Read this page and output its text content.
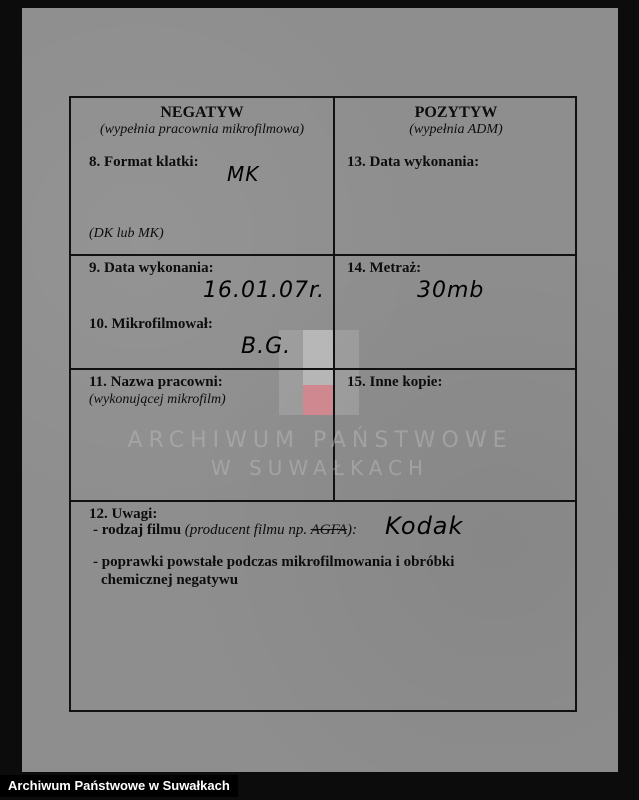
NEGATYW
(wypełnia pracownia mikrofilmowa)
POZYTYW
(wypełnia ADM)
8. Format klatki: MK
(DK lub MK)
13. Data wykonania:
9. Data wykonania:
16.01.07r.
14. Metraż:
30mb
10. Mikrofilmował:
B.G.
11. Nazwa pracowni:
(wykonującej mikrofilm)
15. Inne kopie:
12. Uwagi:
- rodzaj filmu (producent filmu np. AGFA): Kodak
- poprawki powstałe podczas mikrofilmowania i obróbki
chemicznej negatywu
ARCHIWUM PAŃSTWOWE
W SUWAŁKACH
Archiwum Państwowe w Suwałkach
